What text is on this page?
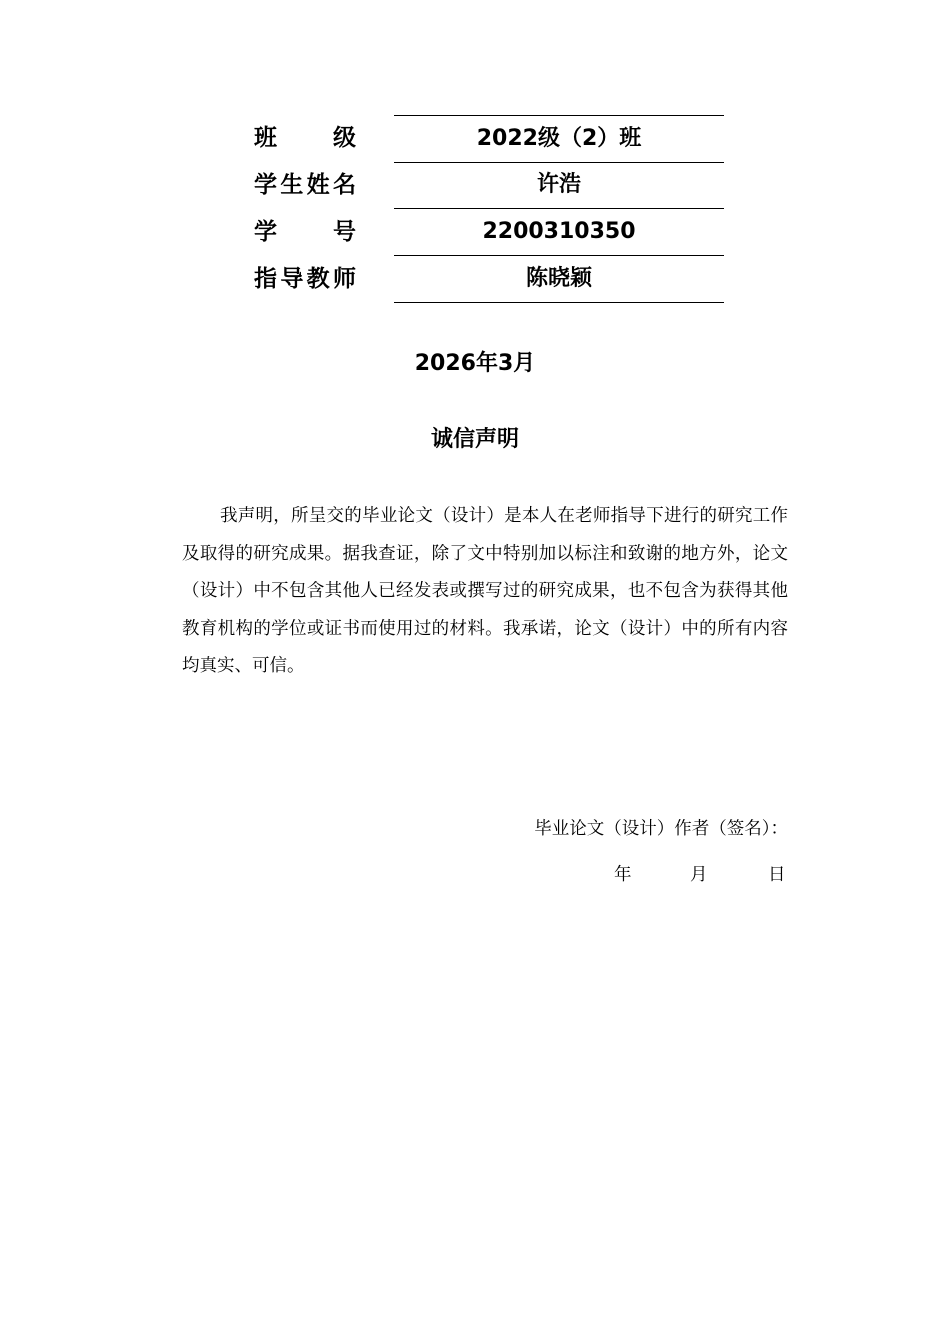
班　　级	2022级（2）班
学生姓名	许浩
学　　号	2200310350
指导教师	陈晓颖
2026年3月
诚信声明

我声明，所呈交的毕业论文（设计）是本人在老师指导下进行的研究工作及取得的研究成果。据我查证，除了文中特别加以标注和致谢的地方外，论文（设计）中不包含其他人已经发表或撰写过的研究成果，也不包含为获得其他教育机构的学位或证书而使用过的材料。我承诺，论文（设计）中的所有内容均真实、可信。

毕业论文（设计）作者（签名）：
年	月	日
